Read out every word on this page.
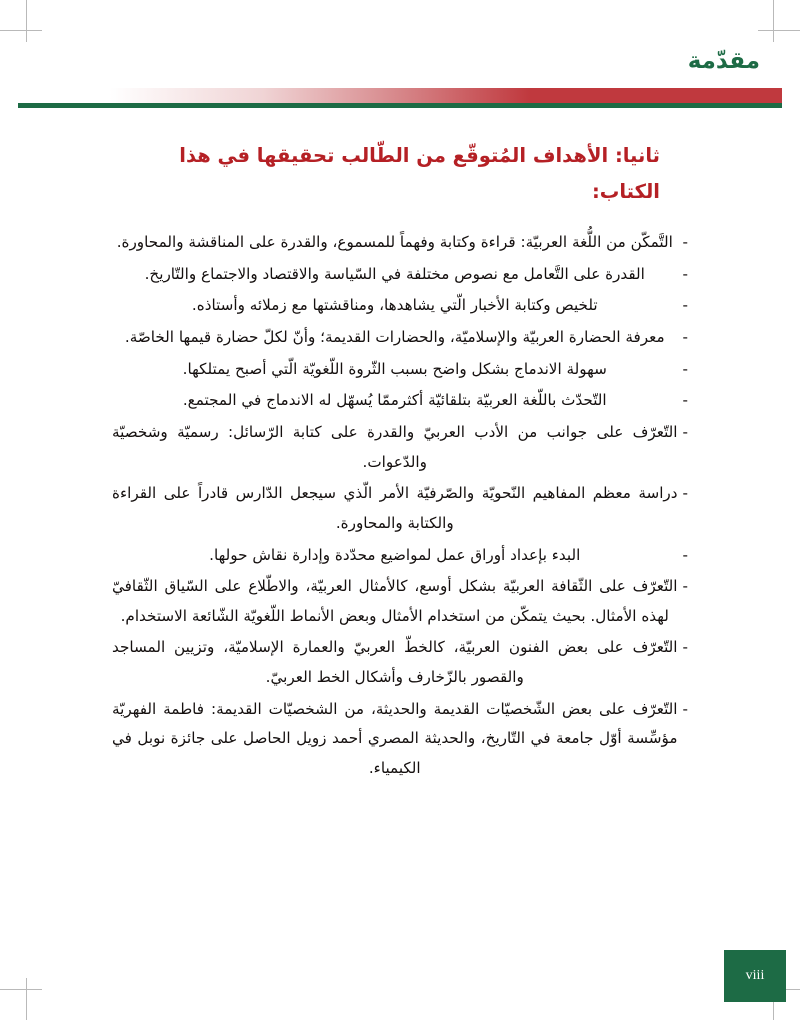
مقدّمة
ثانيا: الأهداف المُتوقّع من الطّالب تحقيقها في هذا الكتاب:
-
التَّمكّن من اللُّغة العربيّة: قراءة وكتابة وفهماً للمسموع، والقدرة على المناقشة والمحاورة.
-
القدرة على التَّعامل مع نصوص مختلفة في السّياسة والاقتصاد والاجتماع والتّاريخ.
-
تلخيص وكتابة الأخبار الّتي يشاهدها، ومناقشتها مع زملائه وأستاذه.
-
معرفة الحضارة العربيّة والإسلاميّة، والحضارات القديمة؛ وأنّ لكلّ حضارة قيمها الخاصّة.
-
سهولة الاندماج بشكل واضح بسبب الثّروة اللّغويّة الّتي أصبح يمتلكها.
-
التّحدّث باللّغة العربيّة بتلقائيّة أكثرممّا يُسهّل له الاندماج في المجتمع.
-
التّعرّف على جوانب من الأدب العربيّ والقدرة على كتابة الرّسائل: رسميّة وشخصيّة والدّعوات.
-
دراسة معظم المفاهيم النّحويّة والصّرفيّة الأمر الّذي سيجعل الدّارس قادراً على القراءة والكتابة والمحاورة.
-
البدء بإعداد أوراق عمل لمواضيع محدّدة وإدارة نقاش حولها.
-
التّعرّف على الثّقافة العربيّة بشكل أوسع، كالأمثال العربيّة، والاطّلاع على السّياق الثّقافيّ لهذه الأمثال. بحيث يتمكّن من استخدام الأمثال وبعض الأنماط اللّغويّة الشّائعة الاستخدام.
-
التّعرّف على بعض الفنون العربيّة، كالخطّ العربيّ والعمارة الإسلاميّة، وتزيين المساجد والقصور بالزّخارف وأشكال الخط العربيّ.
-
التّعرّف على بعض الشّخصيّات القديمة والحديثة، من الشخصيّات القديمة: فاطمة الفهريّة مؤسِّسة أوّل جامعة في التّاريخ، والحديثة المصري أحمد زويل الحاصل على جائزة نوبل في الكيمياء.
viii
